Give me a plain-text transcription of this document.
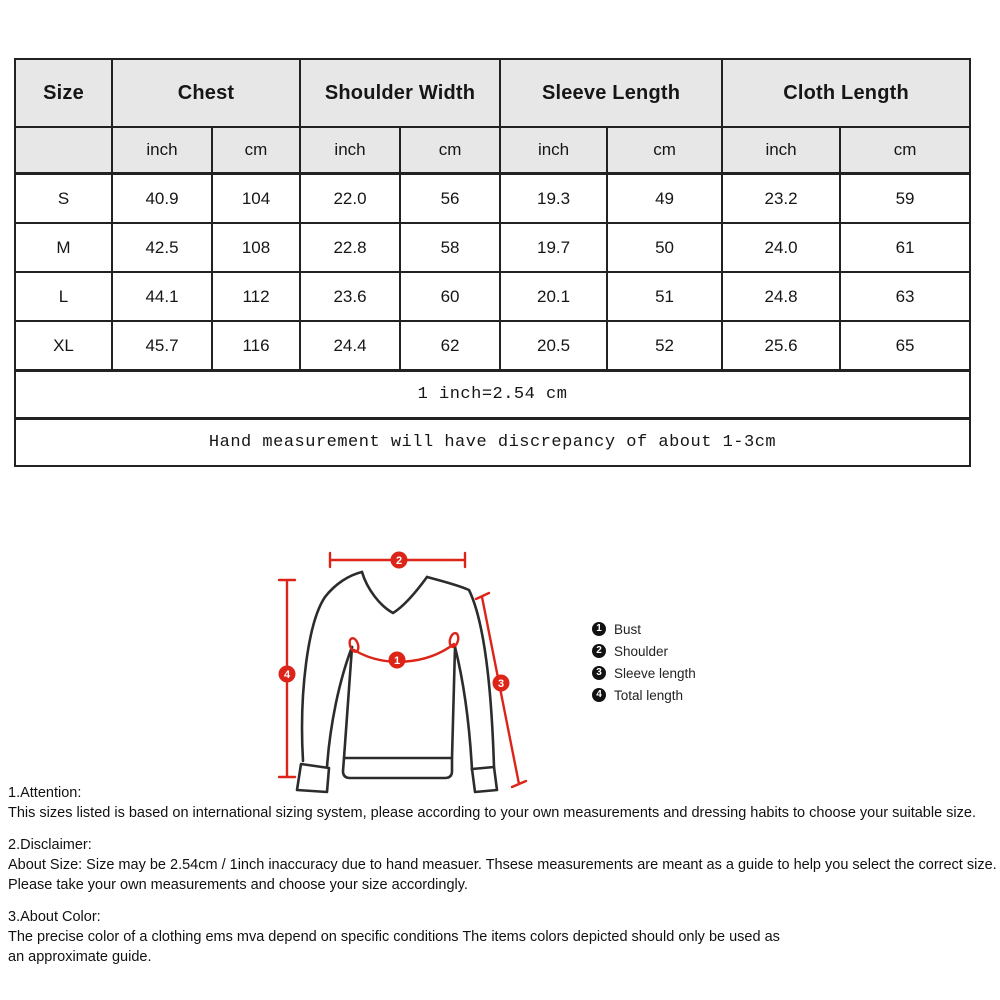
Size	Chest		Shoulder Width		Sleeve Length		Cloth Length	
	inch	cm	inch	cm	inch	cm	inch	cm
S	40.9	104	22.0	56	19.3	49	23.2	59
M	42.5	108	22.8	58	19.7	50	24.0	61
L	44.1	112	23.6	60	20.1	51	24.8	63
XL	45.7	116	24.4	62	20.5	52	25.6	65
1 inch=2.54 cm								
Hand measurement will have discrepancy of about 1-3cm								
2
4
3
1
1 Bust
2 Shoulder
3 Sleeve length
4 Total length
1.Attention:
This sizes listed is based on international sizing system, please according to your own measurements and dressing habits to choose your suitable size.
2.Disclaimer:
About Size: Size may be 2.54cm / 1inch inaccuracy due to hand measuer. Thsese measurements are meant as a guide to help you select the correct size.
Please take your own measurements and choose your size accordingly.
3.About Color:
The precise color of a clothing ems mva depend on specific conditions The items colors depicted should only be used as
an approximate guide.
